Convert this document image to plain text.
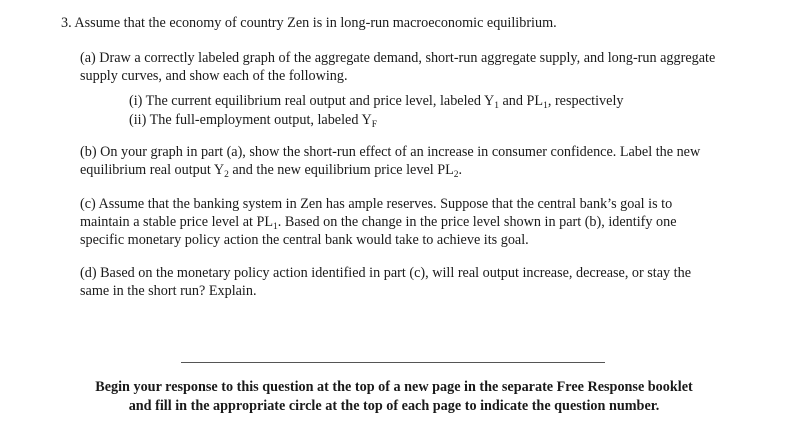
3. Assume that the economy of country Zen is in long-run macroeconomic equilibrium.
(a) Draw a correctly labeled graph of the aggregate demand, short-run aggregate supply, and long-run aggregate
supply curves, and show each of the following.
(i) The current equilibrium real output and price level, labeled $Y_1$ and $PL_1$, respectively
(ii) The full-employment output, labeled $Y_F$
(b) On your graph in part (a), show the short-run effect of an increase in consumer confidence. Label the new
equilibrium real output $Y_2$ and the new equilibrium price level $PL_2$.
(c) Assume that the banking system in Zen has ample reserves. Suppose that the central bank’s goal is to
maintain a stable price level at $PL_1$. Based on the change in the price level shown in part (b), identify one
specific monetary policy action the central bank would take to achieve its goal.
(d) Based on the monetary policy action identified in part (c), will real output increase, decrease, or stay the
same in the short run? Explain.
Begin your response to this question at the top of a new page in the separate Free Response booklet
and fill in the appropriate circle at the top of each page to indicate the question number.
